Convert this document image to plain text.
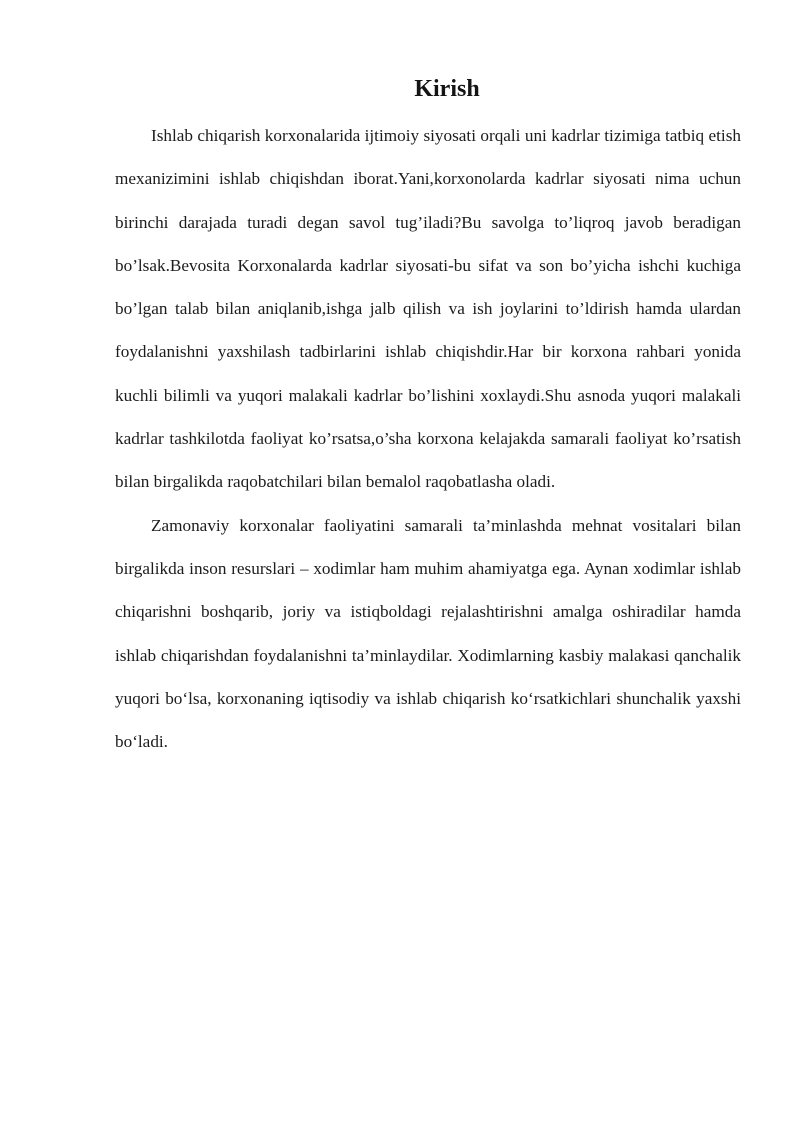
Kirish

Ishlab chiqarish korxonalarida ijtimoiy siyosati orqali uni kadrlar tizimiga tatbiq etish mexanizimini ishlab chiqishdan iborat.Yani,korxonolarda kadrlar siyosati nima uchun birinchi darajada turadi degan savol tug’iladi?Bu savolga to’liqroq javob beradigan bo’lsak.Bevosita Korxonalarda kadrlar siyosati-bu sifat va son bo’yicha ishchi kuchiga bo’lgan talab bilan aniqlanib,ishga jalb qilish va ish joylarini to’ldirish hamda ulardan foydalanishni yaxshilash tadbirlarini ishlab chiqishdir.Har bir korxona rahbari yonida kuchli bilimli va yuqori malakali kadrlar bo’lishini xoxlaydi.Shu asnoda yuqori malakali kadrlar tashkilotda faoliyat ko’rsatsa,o’sha korxona kelajakda samarali faoliyat ko’rsatish bilan birgalikda raqobatchilari bilan bemalol raqobatlasha oladi.

Zamonaviy korxonalar faoliyatini samarali ta’minlashda mehnat vositalari bilan birgalikda inson resurslari – xodimlar ham muhim ahamiyatga ega. Aynan xodimlar ishlab chiqarishni boshqarib, joriy va istiqboldagi rejalashtirishni amalga oshiradilar hamda ishlab chiqarishdan foydalanishni ta’minlaydilar. Xodimlarning kasbiy malakasi qanchalik yuqori bo‘lsa, korxonaning iqtisodiy va ishlab chiqarish ko‘rsatkichlari shunchalik yaxshi bo‘ladi.
